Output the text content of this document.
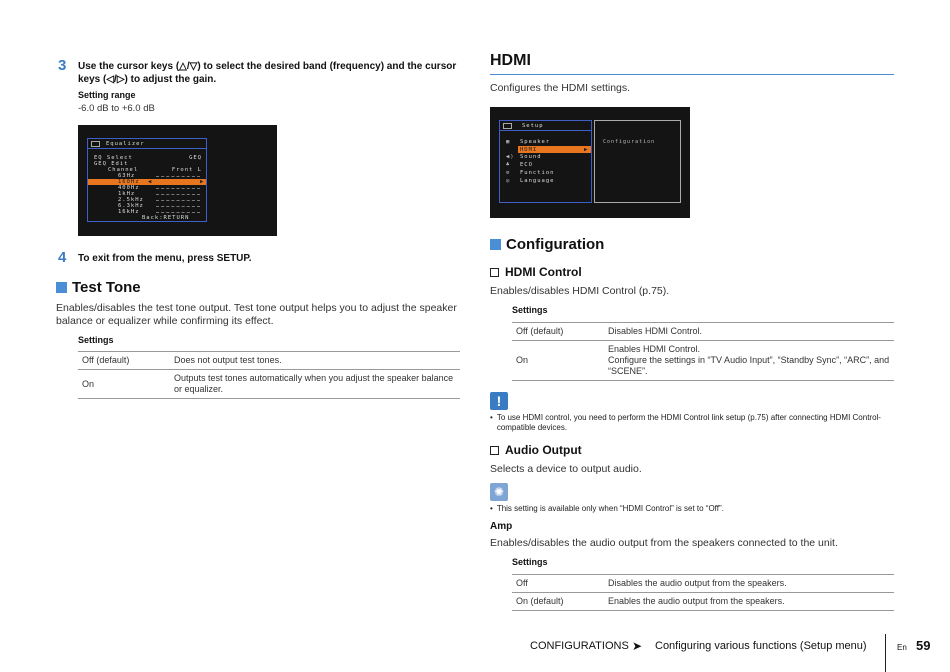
3 Use the cursor keys (△/▽) to select the desired band (frequency) and the cursor keys (◁/▷) to adjust the gain.
Setting range
-6.0 dB to +6.0 dB
Equalizer
EQ Select	GEQ
GEQ Edit
Channel	Front L
63Hz
160Hz ◀	▶
400Hz
1kHz
2.5kHz
6.3kHz
16kHz
Back:RETURN
4 To exit from the menu, press SETUP.
Test Tone
Enables/disables the test tone output. Test tone output helps you to adjust the speaker balance or equalizer while confirming its effect.
Settings
Off (default)	Does not output test tones.
On	Outputs test tones automatically when you adjust the speaker balance or equalizer.
HDMI
Configures the HDMI settings.
Setup
▣	Speaker
HDMI	▶
◀) Sound
♣ ECO
⚙ Function
◎ Language
Configuration
Configuration
HDMI Control
Enables/disables HDMI Control (p.75).
Settings
Off (default)	Disables HDMI Control.
On	Enables HDMI Control.
Configure the settings in “TV Audio Input”, “Standby Sync”, “ARC”, and “SCENE”.
!
• To use HDMI control, you need to perform the HDMI Control link setup (p.75) after connecting HDMI Control-compatible devices.
Audio Output
Selects a device to output audio.
✺
• This setting is available only when “HDMI Control” is set to “Off”.
Amp
Enables/disables the audio output from the speakers connected to the unit.
Settings
Off	Disables the audio output from the speakers.
On (default)	Enables the audio output from the speakers.
CONFIGURATIONS ➤ Configuring various functions (Setup menu)	En 59
